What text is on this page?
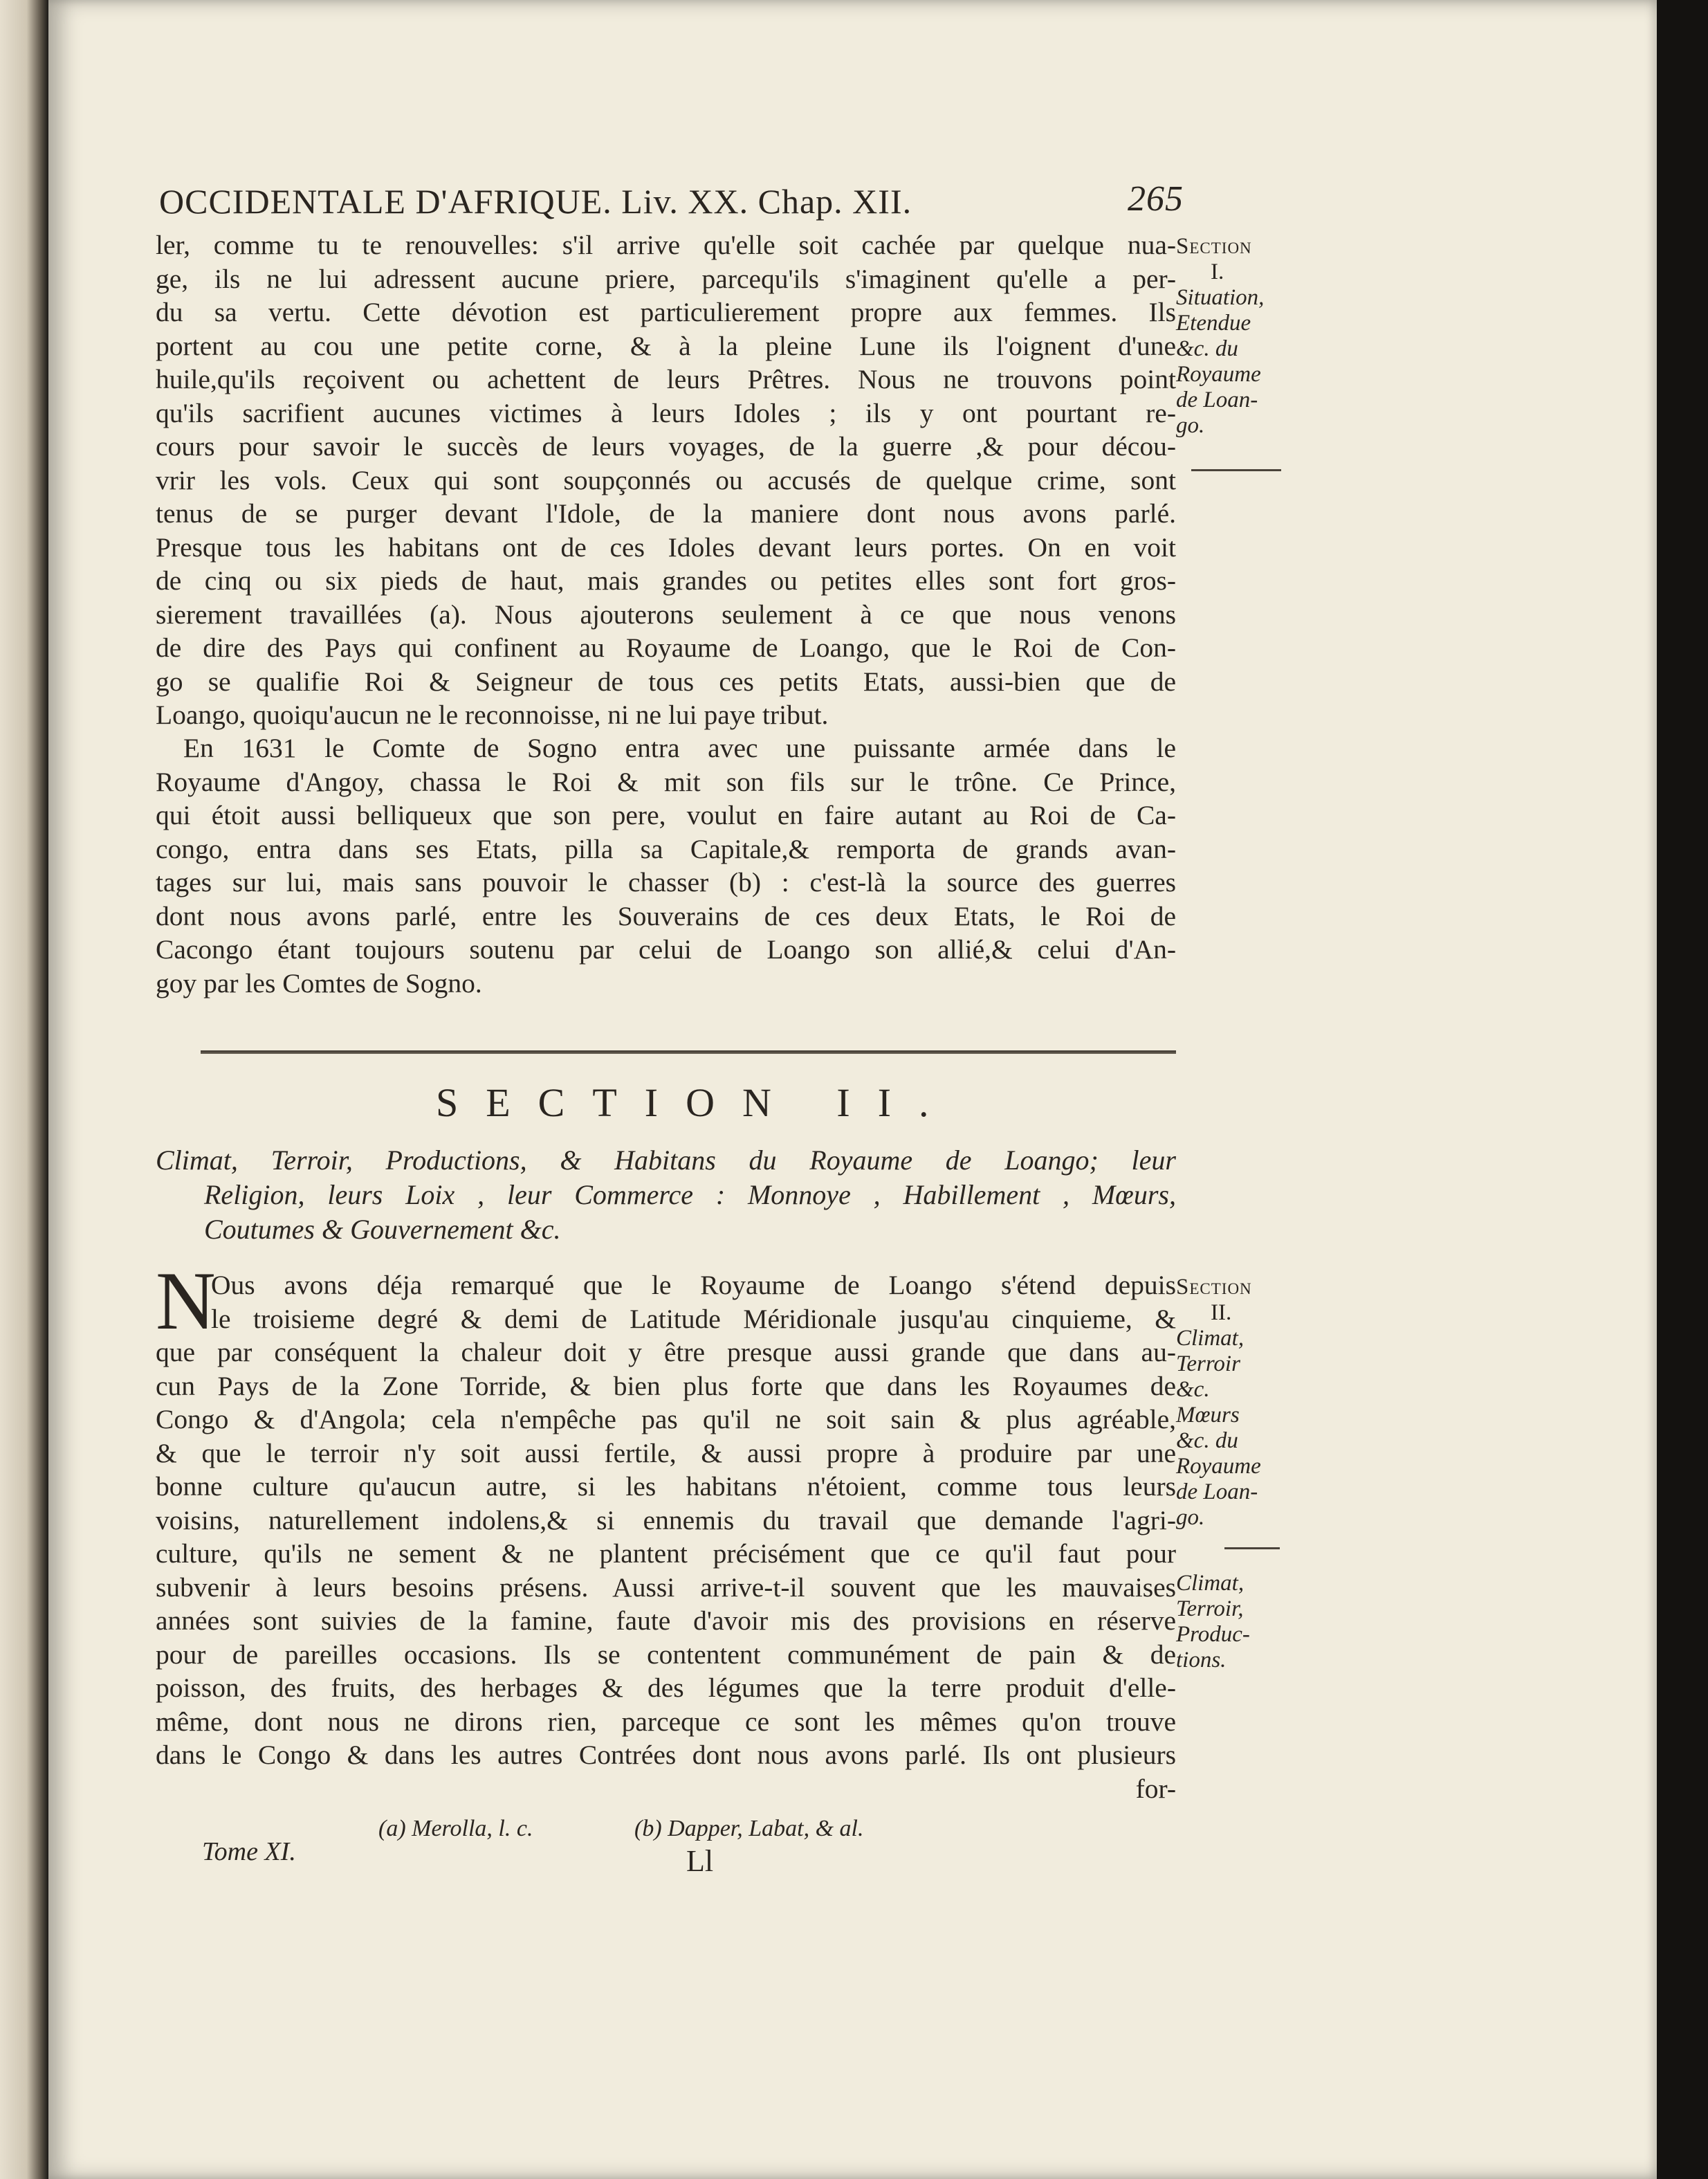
OCCIDENTALE D'AFRIQUE. Liv. XX. Chap. XII.	265
ler, comme tu te renouvelles: s'il arrive qu'elle soit cachée par quelque nua-
ge, ils ne lui adressent aucune priere, parcequ'ils s'imaginent qu'elle a per-
du sa vertu. Cette dévotion est particulierement propre aux femmes. Ils
portent au cou une petite corne, & à la pleine Lune ils l'oignent d'une
huile,qu'ils reçoivent ou achettent de leurs Prêtres. Nous ne trouvons point
qu'ils sacrifient aucunes victimes à leurs Idoles ; ils y ont pourtant re-
cours pour savoir le succès de leurs voyages, de la guerre ,& pour décou-
vrir les vols. Ceux qui sont soupçonnés ou accusés de quelque crime, sont
tenus de se purger devant l'Idole, de la maniere dont nous avons parlé.
Presque tous les habitans ont de ces Idoles devant leurs portes. On en voit
de cinq ou six pieds de haut, mais grandes ou petites elles sont fort gros-
sierement travaillées (a). Nous ajouterons seulement à ce que nous venons
de dire des Pays qui confinent au Royaume de Loango, que le Roi de Con-
go se qualifie Roi & Seigneur de tous ces petits Etats, aussi-bien que de
Loango, quoiqu'aucun ne le reconnoisse, ni ne lui paye tribut.
En 1631 le Comte de Sogno entra avec une puissante armée dans le
Royaume d'Angoy, chassa le Roi & mit son fils sur le trône. Ce Prince,
qui étoit aussi belliqueux que son pere, voulut en faire autant au Roi de Ca-
congo, entra dans ses Etats, pilla sa Capitale,& remporta de grands avan-
tages sur lui, mais sans pouvoir le chasser (b) : c'est-là la source des guerres
dont nous avons parlé, entre les Souverains de ces deux Etats, le Roi de
Cacongo étant toujours soutenu par celui de Loango son allié,& celui d'An-
goy par les Comtes de Sogno.
Section
I.
Situation,
Etendue
&c. du
Royaume
de Loan-
go.
SECTION II.
Climat, Terroir, Productions, & Habitans du Royaume de Loango; leur
Religion, leurs Loix , leur Commerce : Monnoye , Habillement , Mœurs,
Coutumes & Gouvernement &c.
N
Ous avons déja remarqué que le Royaume de Loango s'étend depuis
le troisieme degré & demi de Latitude Méridionale jusqu'au cinquieme, &
que par conséquent la chaleur doit y être presque aussi grande que dans au-
cun Pays de la Zone Torride, & bien plus forte que dans les Royaumes de
Congo & d'Angola; cela n'empêche pas qu'il ne soit sain & plus agréable,
& que le terroir n'y soit aussi fertile, & aussi propre à produire par une
bonne culture qu'aucun autre, si les habitans n'étoient, comme tous leurs
voisins, naturellement indolens,& si ennemis du travail que demande l'agri-
culture, qu'ils ne sement & ne plantent précisément que ce qu'il faut pour
subvenir à leurs besoins présens. Aussi arrive-t-il souvent que les mauvaises
années sont suivies de la famine, faute d'avoir mis des provisions en réserve
pour de pareilles occasions. Ils se contentent communément de pain & de
poisson, des fruits, des herbages & des légumes que la terre produit d'elle-
même, dont nous ne dirons rien, parceque ce sont les mêmes qu'on trouve
dans le Congo & dans les autres Contrées dont nous avons parlé. Ils ont plusieurs
for-
Section
II.
Climat,
Terroir
&c.
Mœurs
&c. du
Royaume
de Loan-
go.
Climat,
Terroir,
Produc-
tions.
Tome XI.
(a) Merolla, l. c.	(b) Dapper, Labat, & al.
Ll
